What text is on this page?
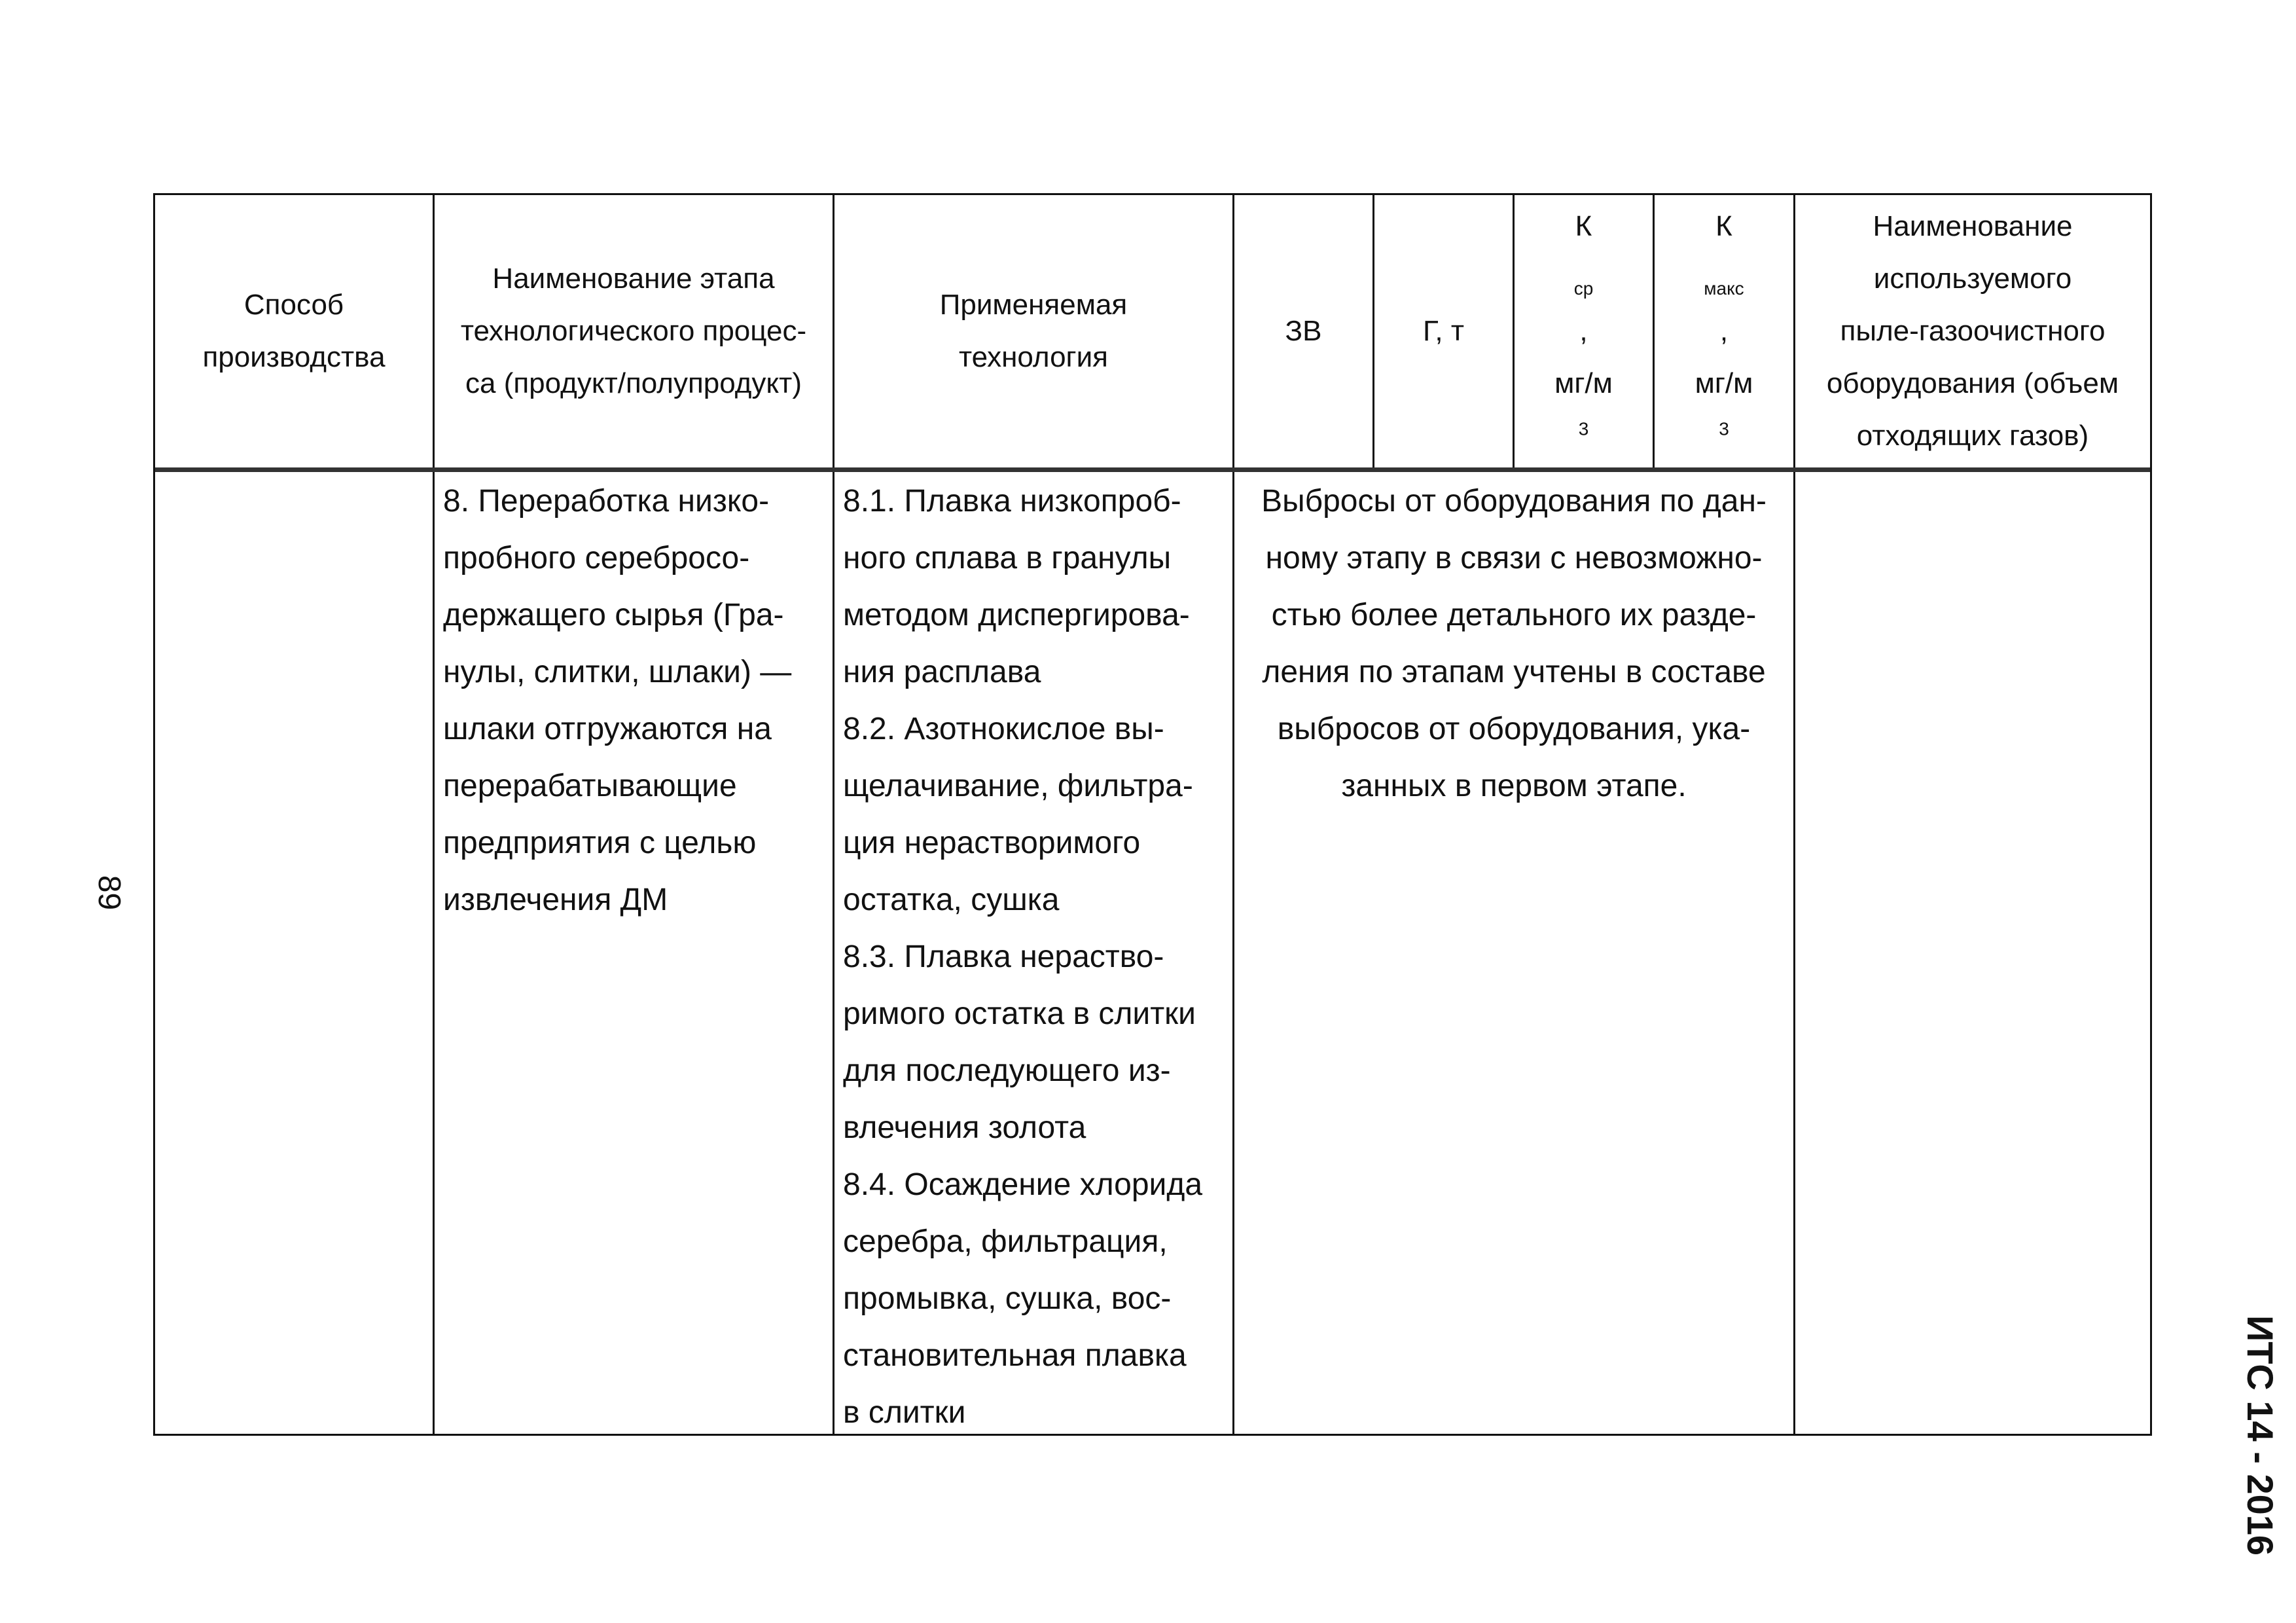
Способ
производства
Наименование этапа
технологического процес-
са (продукт/полупродукт)
Применяемая
технология
ЗВ	Г, т
К
$_{ср}$
,
мг/м
$^3$
К
$_{макс}$
,
мг/м
$^3$
Наименование
используемого
пыле-газоочистного
оборудования (объем
отходящих газов)
8. Переработка низко-
пробного серебросо-
держащего сырья (Гра-
нулы, слитки, шлаки) —
шлаки отгружаются на
перерабатывающие
предприятия с целью
извлечения ДМ
8.1. Плавка низкопроб-
ного сплава в гранулы
методом диспергирова-
ния расплава
8.2. Азотнокислое вы-
щелачивание, фильтра-
ция нерастворимого
остатка, сушка
8.3. Плавка нераство-
римого остатка в слитки
для последующего из-
влечения золота
8.4. Осаждение хлорида
серебра, фильтрация,
промывка, сушка, вос-
становительная плавка
в слитки
Выбросы от оборудования по дан-
ному этапу в связи с невозможно-
стью более детального их разде-
ления по этапам учтены в составе
выбросов от оборудования, ука-
занных в первом этапе.
89
ИТС 14 - 2016
